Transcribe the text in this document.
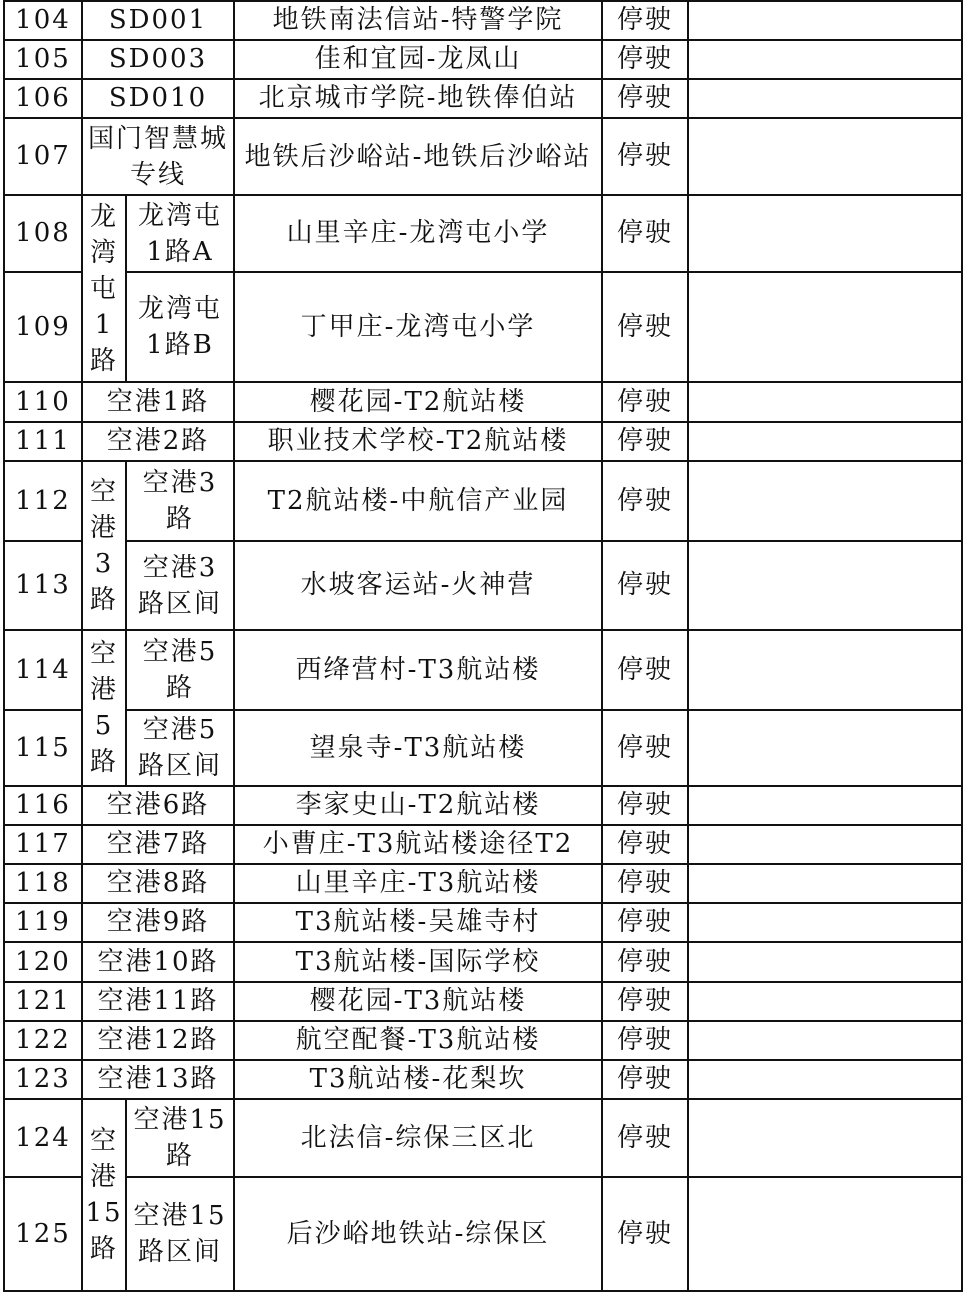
104	SD001		地铁南法信站-特警学院	停驶	
105	SD003		佳和宜园-龙凤山	停驶	
106	SD010		北京城市学院-地铁俸伯站	停驶	
107	国门智慧城专线		地铁后沙峪站-地铁后沙峪站	停驶	
108	龙湾屯1路	龙湾屯1路A	山里辛庄-龙湾屯小学	停驶	
109		龙湾屯1路B	丁甲庄-龙湾屯小学	停驶	
110	空港1路		樱花园-T2航站楼	停驶	
111	空港2路		职业技术学校-T2航站楼	停驶	
112	空港3路	空港3路	T2航站楼-中航信产业园	停驶	
113		空港3路区间	水坡客运站-火神营	停驶	
114	空港5路	空港5路	西绛营村-T3航站楼	停驶	
115		空港5路区间	望泉寺-T3航站楼	停驶	
116	空港6路		李家史山-T2航站楼	停驶	
117	空港7路		小曹庄-T3航站楼途径T2	停驶	
118	空港8路		山里辛庄-T3航站楼	停驶	
119	空港9路		T3航站楼-吴雄寺村	停驶	
120	空港10路		T3航站楼-国际学校	停驶	
121	空港11路		樱花园-T3航站楼	停驶	
122	空港12路		航空配餐-T3航站楼	停驶	
123	空港13路		T3航站楼-花梨坎	停驶	
124	空港15路	空港15路	北法信-综保三区北	停驶	
125		空港15路区间	后沙峪地铁站-综保区	停驶	
